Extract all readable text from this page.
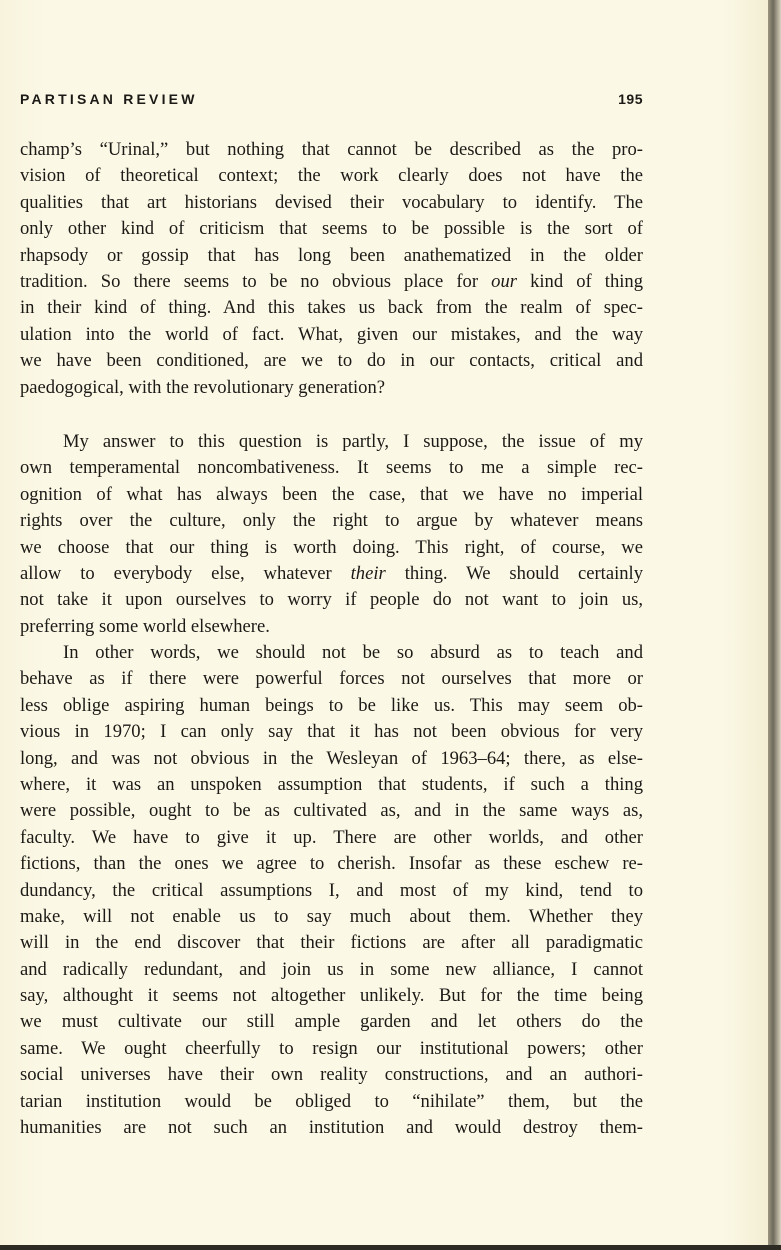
PARTISAN REVIEW	195
champ’s “Urinal,” but nothing that cannot be described as the pro-
vision of theoretical context; the work clearly does not have the
qualities that art historians devised their vocabulary to identify. The
only other kind of criticism that seems to be possible is the sort of
rhapsody or gossip that has long been anathematized in the older
tradition. So there seems to be no obvious place for our kind of thing
in their kind of thing. And this takes us back from the realm of spec-
ulation into the world of fact. What, given our mistakes, and the way
we have been conditioned, are we to do in our contacts, critical and
paedogogical, with the revolutionary generation?
My answer to this question is partly, I suppose, the issue of my
own temperamental noncombativeness. It seems to me a simple rec-
ognition of what has always been the case, that we have no imperial
rights over the culture, only the right to argue by whatever means
we choose that our thing is worth doing. This right, of course, we
allow to everybody else, whatever their thing. We should certainly
not take it upon ourselves to worry if people do not want to join us,
preferring some world elsewhere.
In other words, we should not be so absurd as to teach and
behave as if there were powerful forces not ourselves that more or
less oblige aspiring human beings to be like us. This may seem ob-
vious in 1970; I can only say that it has not been obvious for very
long, and was not obvious in the Wesleyan of 1963–64; there, as else-
where, it was an unspoken assumption that students, if such a thing
were possible, ought to be as cultivated as, and in the same ways as,
faculty. We have to give it up. There are other worlds, and other
fictions, than the ones we agree to cherish. Insofar as these eschew re-
dundancy, the critical assumptions I, and most of my kind, tend to
make, will not enable us to say much about them. Whether they
will in the end discover that their fictions are after all paradigmatic
and radically redundant, and join us in some new alliance, I cannot
say, althought it seems not altogether unlikely. But for the time being
we must cultivate our still ample garden and let others do the
same. We ought cheerfully to resign our institutional powers; other
social universes have their own reality constructions, and an authori-
tarian institution would be obliged to “nihilate” them, but the
humanities are not such an institution and would destroy them-
